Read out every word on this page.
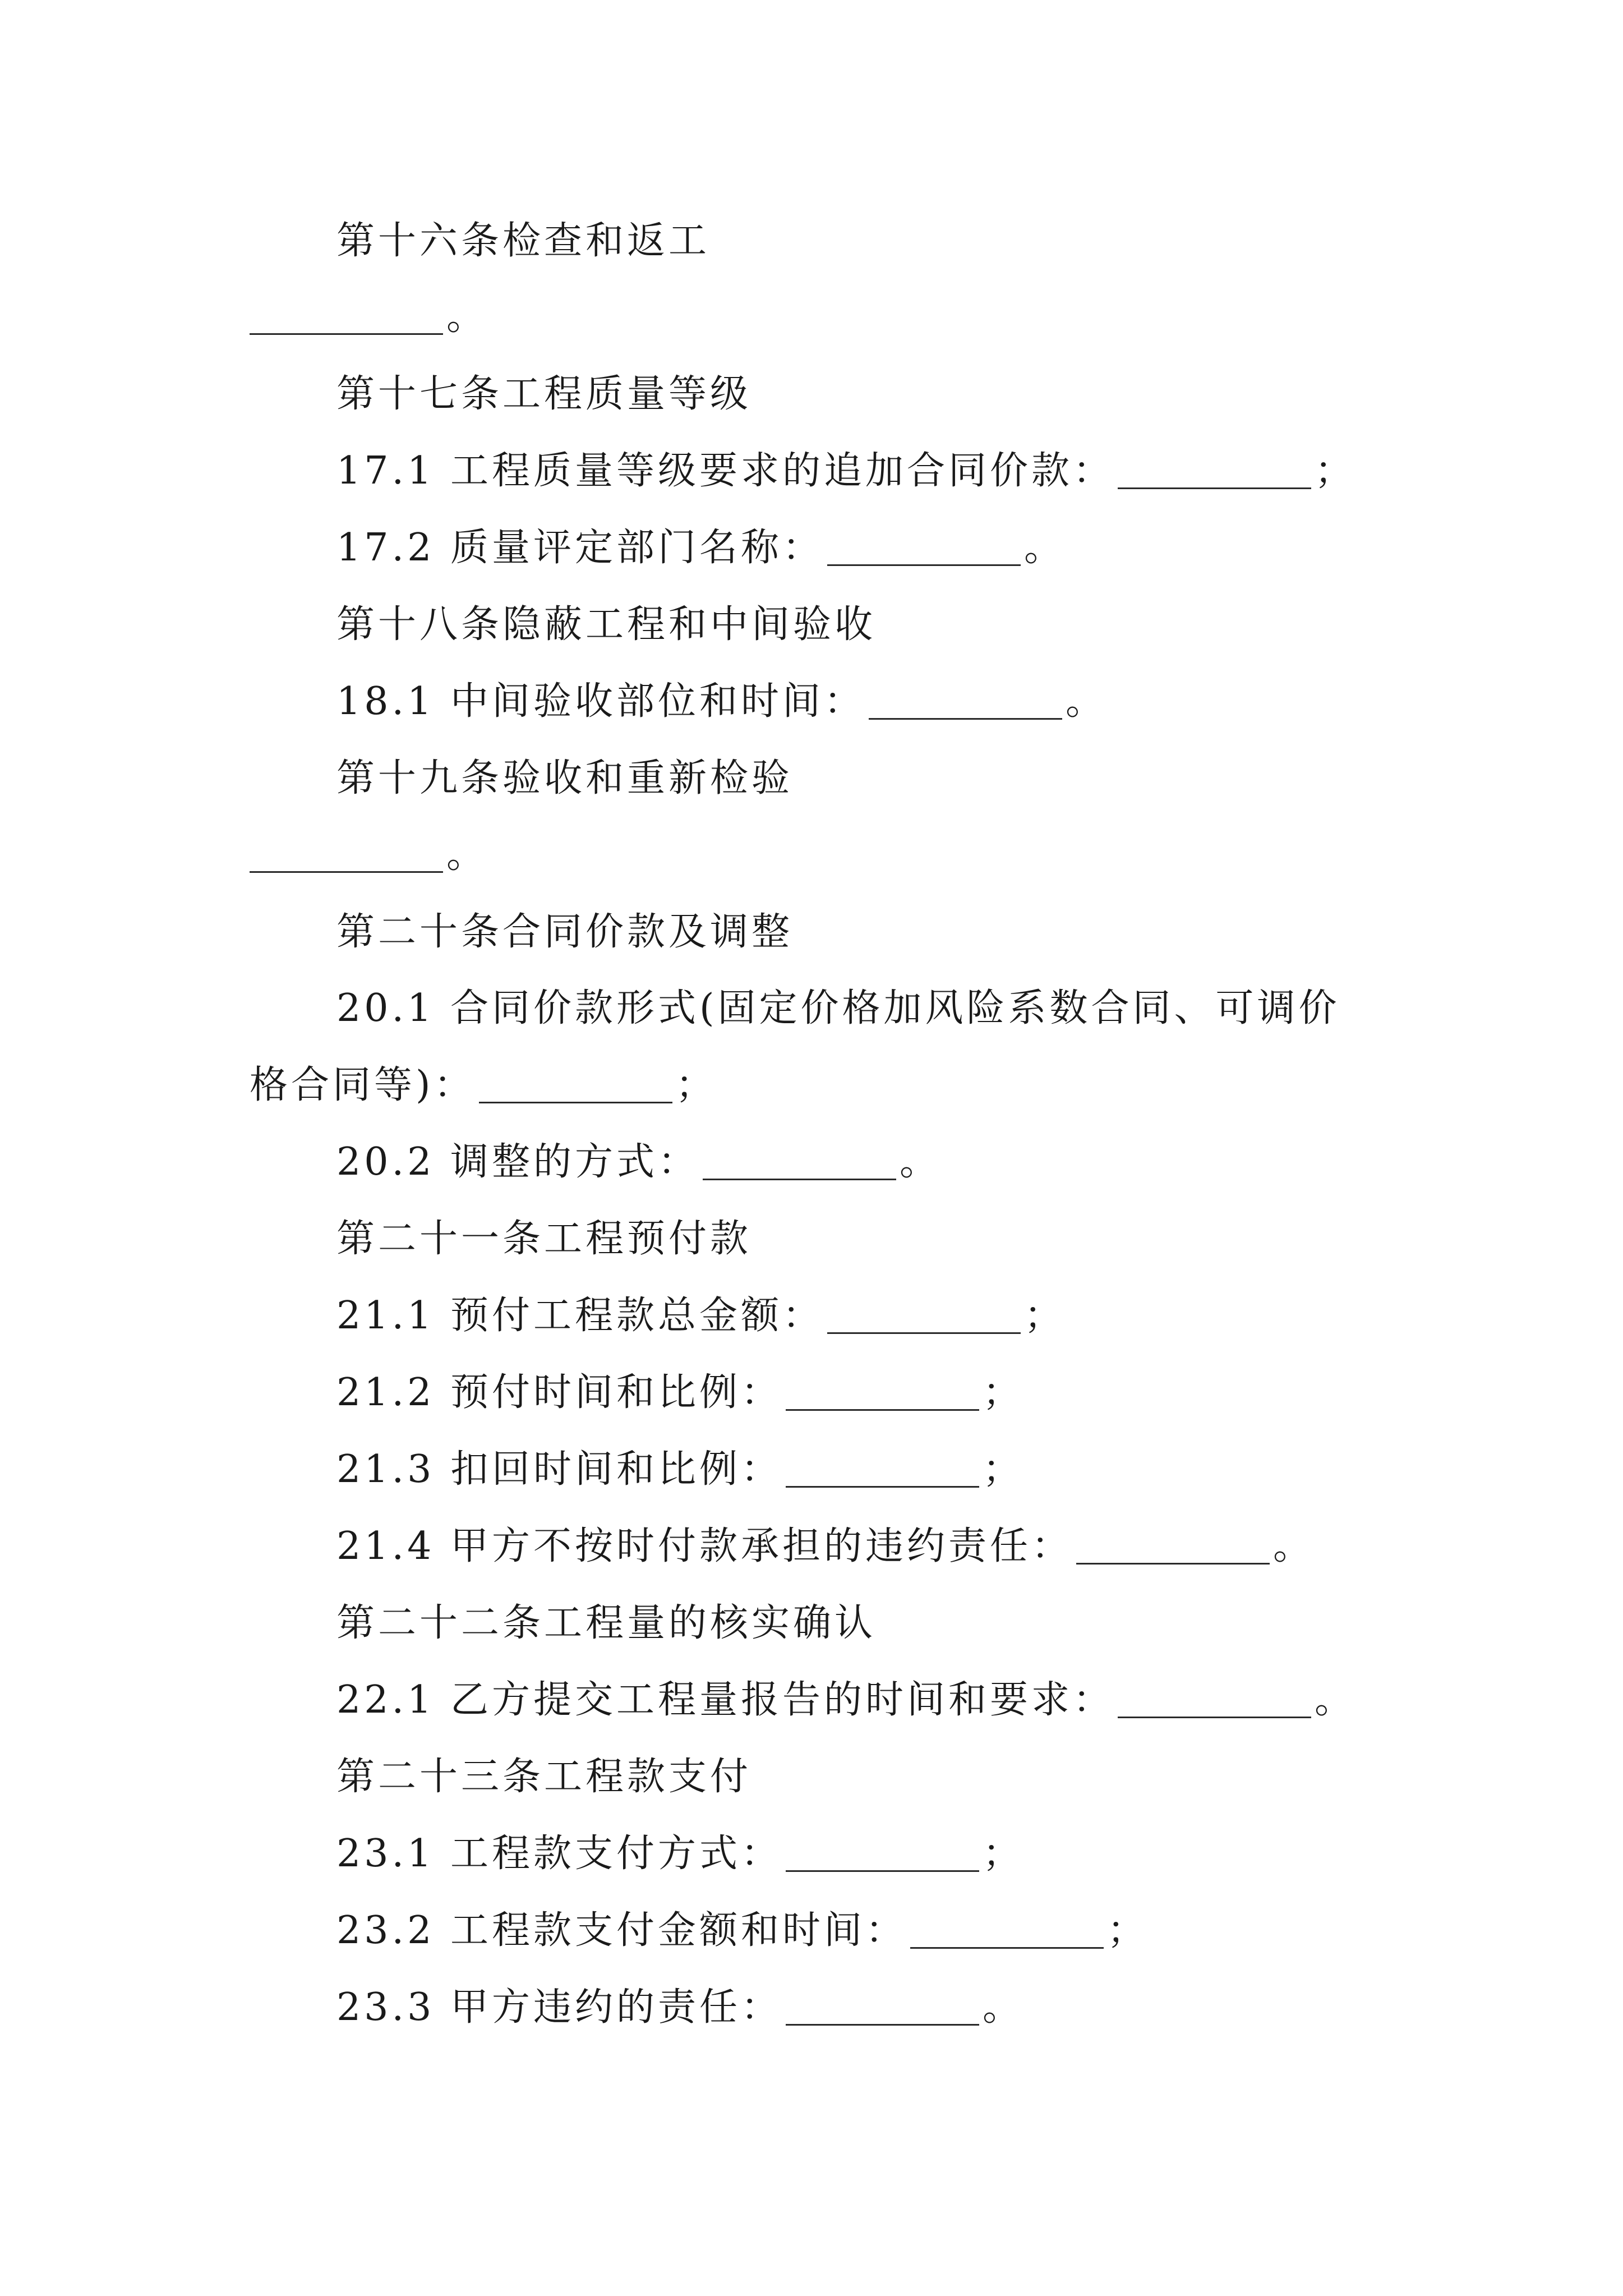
第十六条检查和返工
。
第十七条工程质量等级
17.1 工程质量等级要求的追加合同价款：	；
17.2 质量评定部门名称：	。
第十八条隐蔽工程和中间验收
18.1 中间验收部位和时间：	。
第十九条验收和重新检验
。
第二十条合同价款及调整
20.1 合同价款形式(固定价格加风险系数合同、可调价
格合同等)：	；
20.2 调整的方式：	。
第二十一条工程预付款
21.1 预付工程款总金额：	；
21.2 预付时间和比例：	；
21.3 扣回时间和比例：	；
21.4 甲方不按时付款承担的违约责任：	。
第二十二条工程量的核实确认
22.1 乙方提交工程量报告的时间和要求：	。
第二十三条工程款支付
23.1 工程款支付方式：	；
23.2 工程款支付金额和时间：	；
23.3 甲方违约的责任：	。
